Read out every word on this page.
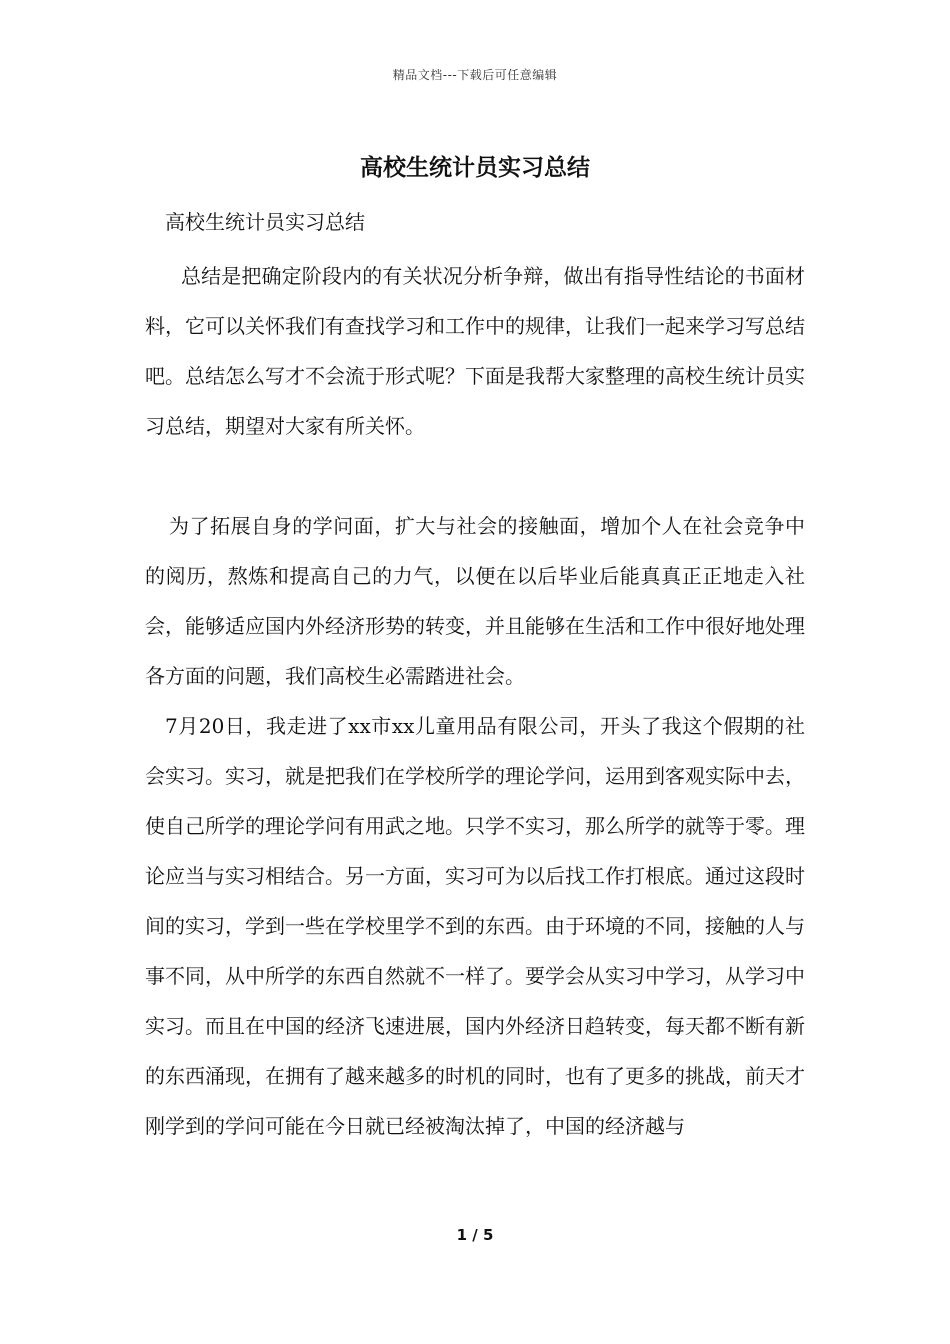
精品文档---下载后可任意编辑
高校生统计员实习总结

高校生统计员实习总结

总结是把确定阶段内的有关状况分析争辩，做出有指导性结论的书面材料，它可以关怀我们有查找学习和工作中的规律，让我们一起来学习写总结吧。总结怎么写才不会流于形式呢？下面是我帮大家整理的高校生统计员实习总结，期望对大家有所关怀。

为了拓展自身的学问面，扩大与社会的接触面，增加个人在社会竞争中的阅历，熬炼和提高自己的力气，以便在以后毕业后能真真正正地走入社会，能够适应国内外经济形势的转变，并且能够在生活和工作中很好地处理各方面的问题，我们高校生必需踏进社会。

7月20日，我走进了xx市xx儿童用品有限公司，开头了我这个假期的社会实习。实习，就是把我们在学校所学的理论学问，运用到客观实际中去，使自己所学的理论学问有用武之地。只学不实习，那么所学的就等于零。理论应当与实习相结合。另一方面，实习可为以后找工作打根底。通过这段时间的实习，学到一些在学校里学不到的东西。由于环境的不同，接触的人与事不同，从中所学的东西自然就不一样了。要学会从实习中学习，从学习中实习。而且在中国的经济飞速进展，国内外经济日趋转变，每天都不断有新的东西涌现，在拥有了越来越多的时机的同时，也有了更多的挑战，前天才刚学到的学问可能在今日就已经被淘汰掉了，中国的经济越与

1 / 5
